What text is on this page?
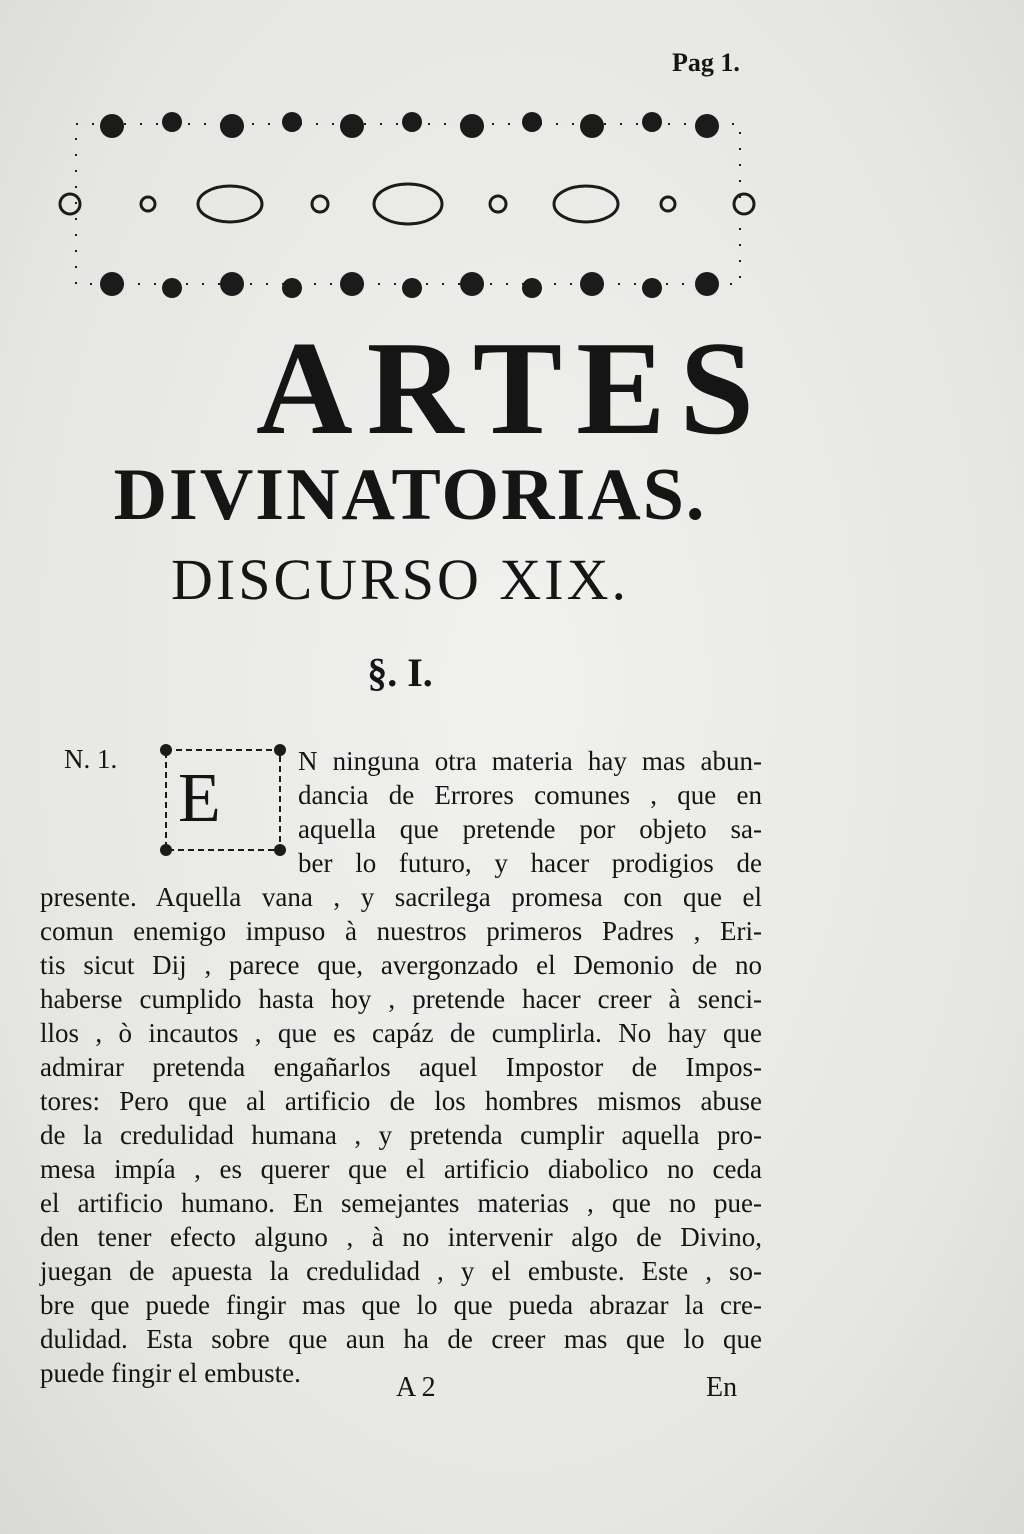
Pag 1.
ARTES
DIVINATORIAS.
DISCURSO XIX.
§. I.
N. 1.
E	N ninguna otra materia hay mas abun-
dancia de Errores comunes , que en
aquella que pretende por objeto sa-
ber lo futuro, y hacer prodigios de
presente. Aquella vana , y sacrilega promesa con que el
comun enemigo impuso à nuestros primeros Padres , Eri-
tis sicut Dij , parece que, avergonzado el Demonio de no
haberse cumplido hasta hoy , pretende hacer creer à senci-
llos , ò incautos , que es capáz de cumplirla. No hay que
admirar pretenda engañarlos aquel Impostor de Impos-
tores: Pero que al artificio de los hombres mismos abuse
de la credulidad humana , y pretenda cumplir aquella pro-
mesa impía , es querer que el artificio diabolico no ceda
el artificio humano. En semejantes materias , que no pue-
den tener efecto alguno , à no intervenir algo de Divino,
juegan de apuesta la credulidad , y el embuste. Este , so-
bre que puede fingir mas que lo que pueda abrazar la cre-
dulidad. Esta sobre que aun ha de creer mas que lo que
puede fingir el embuste.	A 2	En
